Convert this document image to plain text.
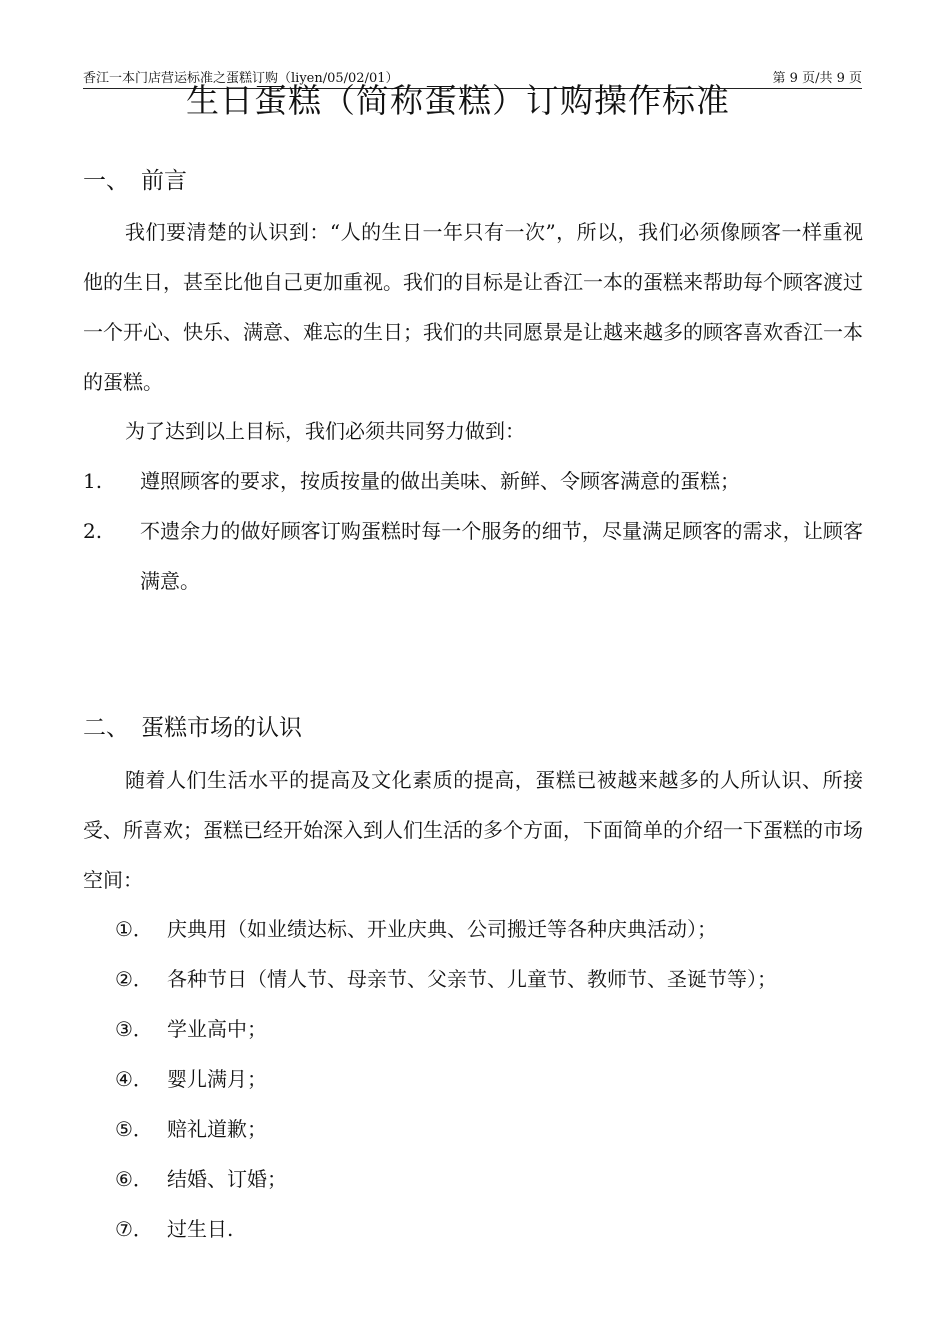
香江一本门店营运标准之蛋糕订购（liyen/05/02/01）	第 9 页/共 9 页
生日蛋糕（简称蛋糕）订购操作标准
一、 前言

我们要清楚的认识到：“人的生日一年只有一次”，所以，我们必须像顾客一样重视他的生日，甚至比他自己更加重视。我们的目标是让香江一本的蛋糕来帮助每个顾客渡过一个开心、快乐、满意、难忘的生日；我们的共同愿景是让越来越多的顾客喜欢香江一本的蛋糕。

为了达到以上目标，我们必须共同努力做到：

1. 遵照顾客的要求，按质按量的做出美味、新鲜、令顾客满意的蛋糕；
2. 不遗余力的做好顾客订购蛋糕时每一个服务的细节，尽量满足顾客的需求，让顾客满意。
二、 蛋糕市场的认识

随着人们生活水平的提高及文化素质的提高，蛋糕已被越来越多的人所认识、所接受、所喜欢；蛋糕已经开始深入到人们生活的多个方面，下面简单的介绍一下蛋糕的市场空间：

①． 庆典用（如业绩达标、开业庆典、公司搬迁等各种庆典活动）；
②． 各种节日（情人节、母亲节、父亲节、儿童节、教师节、圣诞节等）；
③． 学业高中；
④． 婴儿满月；
⑤． 赔礼道歉；
⑥． 结婚、订婚；
⑦． 过生日.
